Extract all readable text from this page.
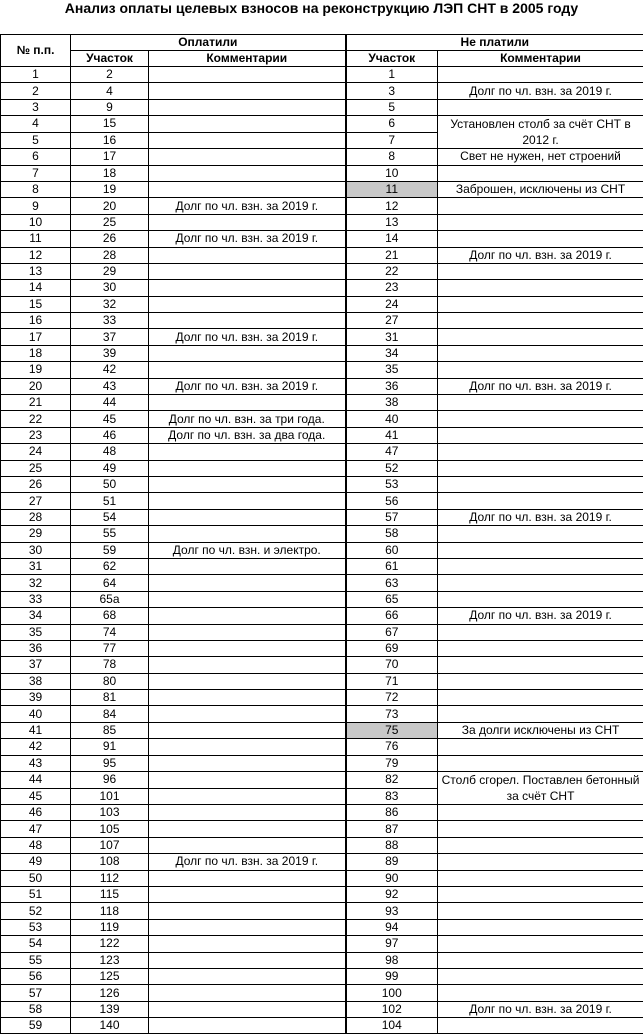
Анализ оплаты целевых взносов на реконструкцию ЛЭП СНТ в 2005 году
№ п.п.	Оплатили		Не платили	
	Участок	Комментарии	Участок	Комментарии
1	2		1	
2	4		3	Долг по чл. взн. за 2019 г.
3	9		5	
4	15		6	Установлен столб за счёт СНТ в 2012 г.
5	16		7	
6	17		8	Свет не нужен, нет строений
7	18		10	
8	19		11	Заброшен, исключены из СНТ
9	20	Долг по чл. взн. за 2019 г.	12	
10	25		13	
11	26	Долг по чл. взн. за 2019 г.	14	
12	28		21	Долг по чл. взн. за 2019 г.
13	29		22	
14	30		23	
15	32		24	
16	33		27	
17	37	Долг по чл. взн. за 2019 г.	31	
18	39		34	
19	42		35	
20	43	Долг по чл. взн. за 2019 г.	36	Долг по чл. взн. за 2019 г.
21	44		38	
22	45	Долг по чл. взн. за три года.	40	
23	46	Долг по чл. взн. за два года.	41	
24	48		47	
25	49		52	
26	50		53	
27	51		56	
28	54		57	Долг по чл. взн. за 2019 г.
29	55		58	
30	59	Долг по чл. взн. и электро.	60	
31	62		61	
32	64		63	
33	65а		65	
34	68		66	Долг по чл. взн. за 2019 г.
35	74		67	
36	77		69	
37	78		70	
38	80		71	
39	81		72	
40	84		73	
41	85		75	За долги исключены из СНТ
42	91		76	
43	95		79	
44	96		82	Столб сгорел. Поставлен бетонный за счёт СНТ
45	101		83	
46	103		86	
47	105		87	
48	107		88	
49	108	Долг по чл. взн. за 2019 г.	89	
50	112		90	
51	115		92	
52	118		93	
53	119		94	
54	122		97	
55	123		98	
56	125		99	
57	126		100	
58	139		102	Долг по чл. взн. за 2019 г.
59	140		104	
